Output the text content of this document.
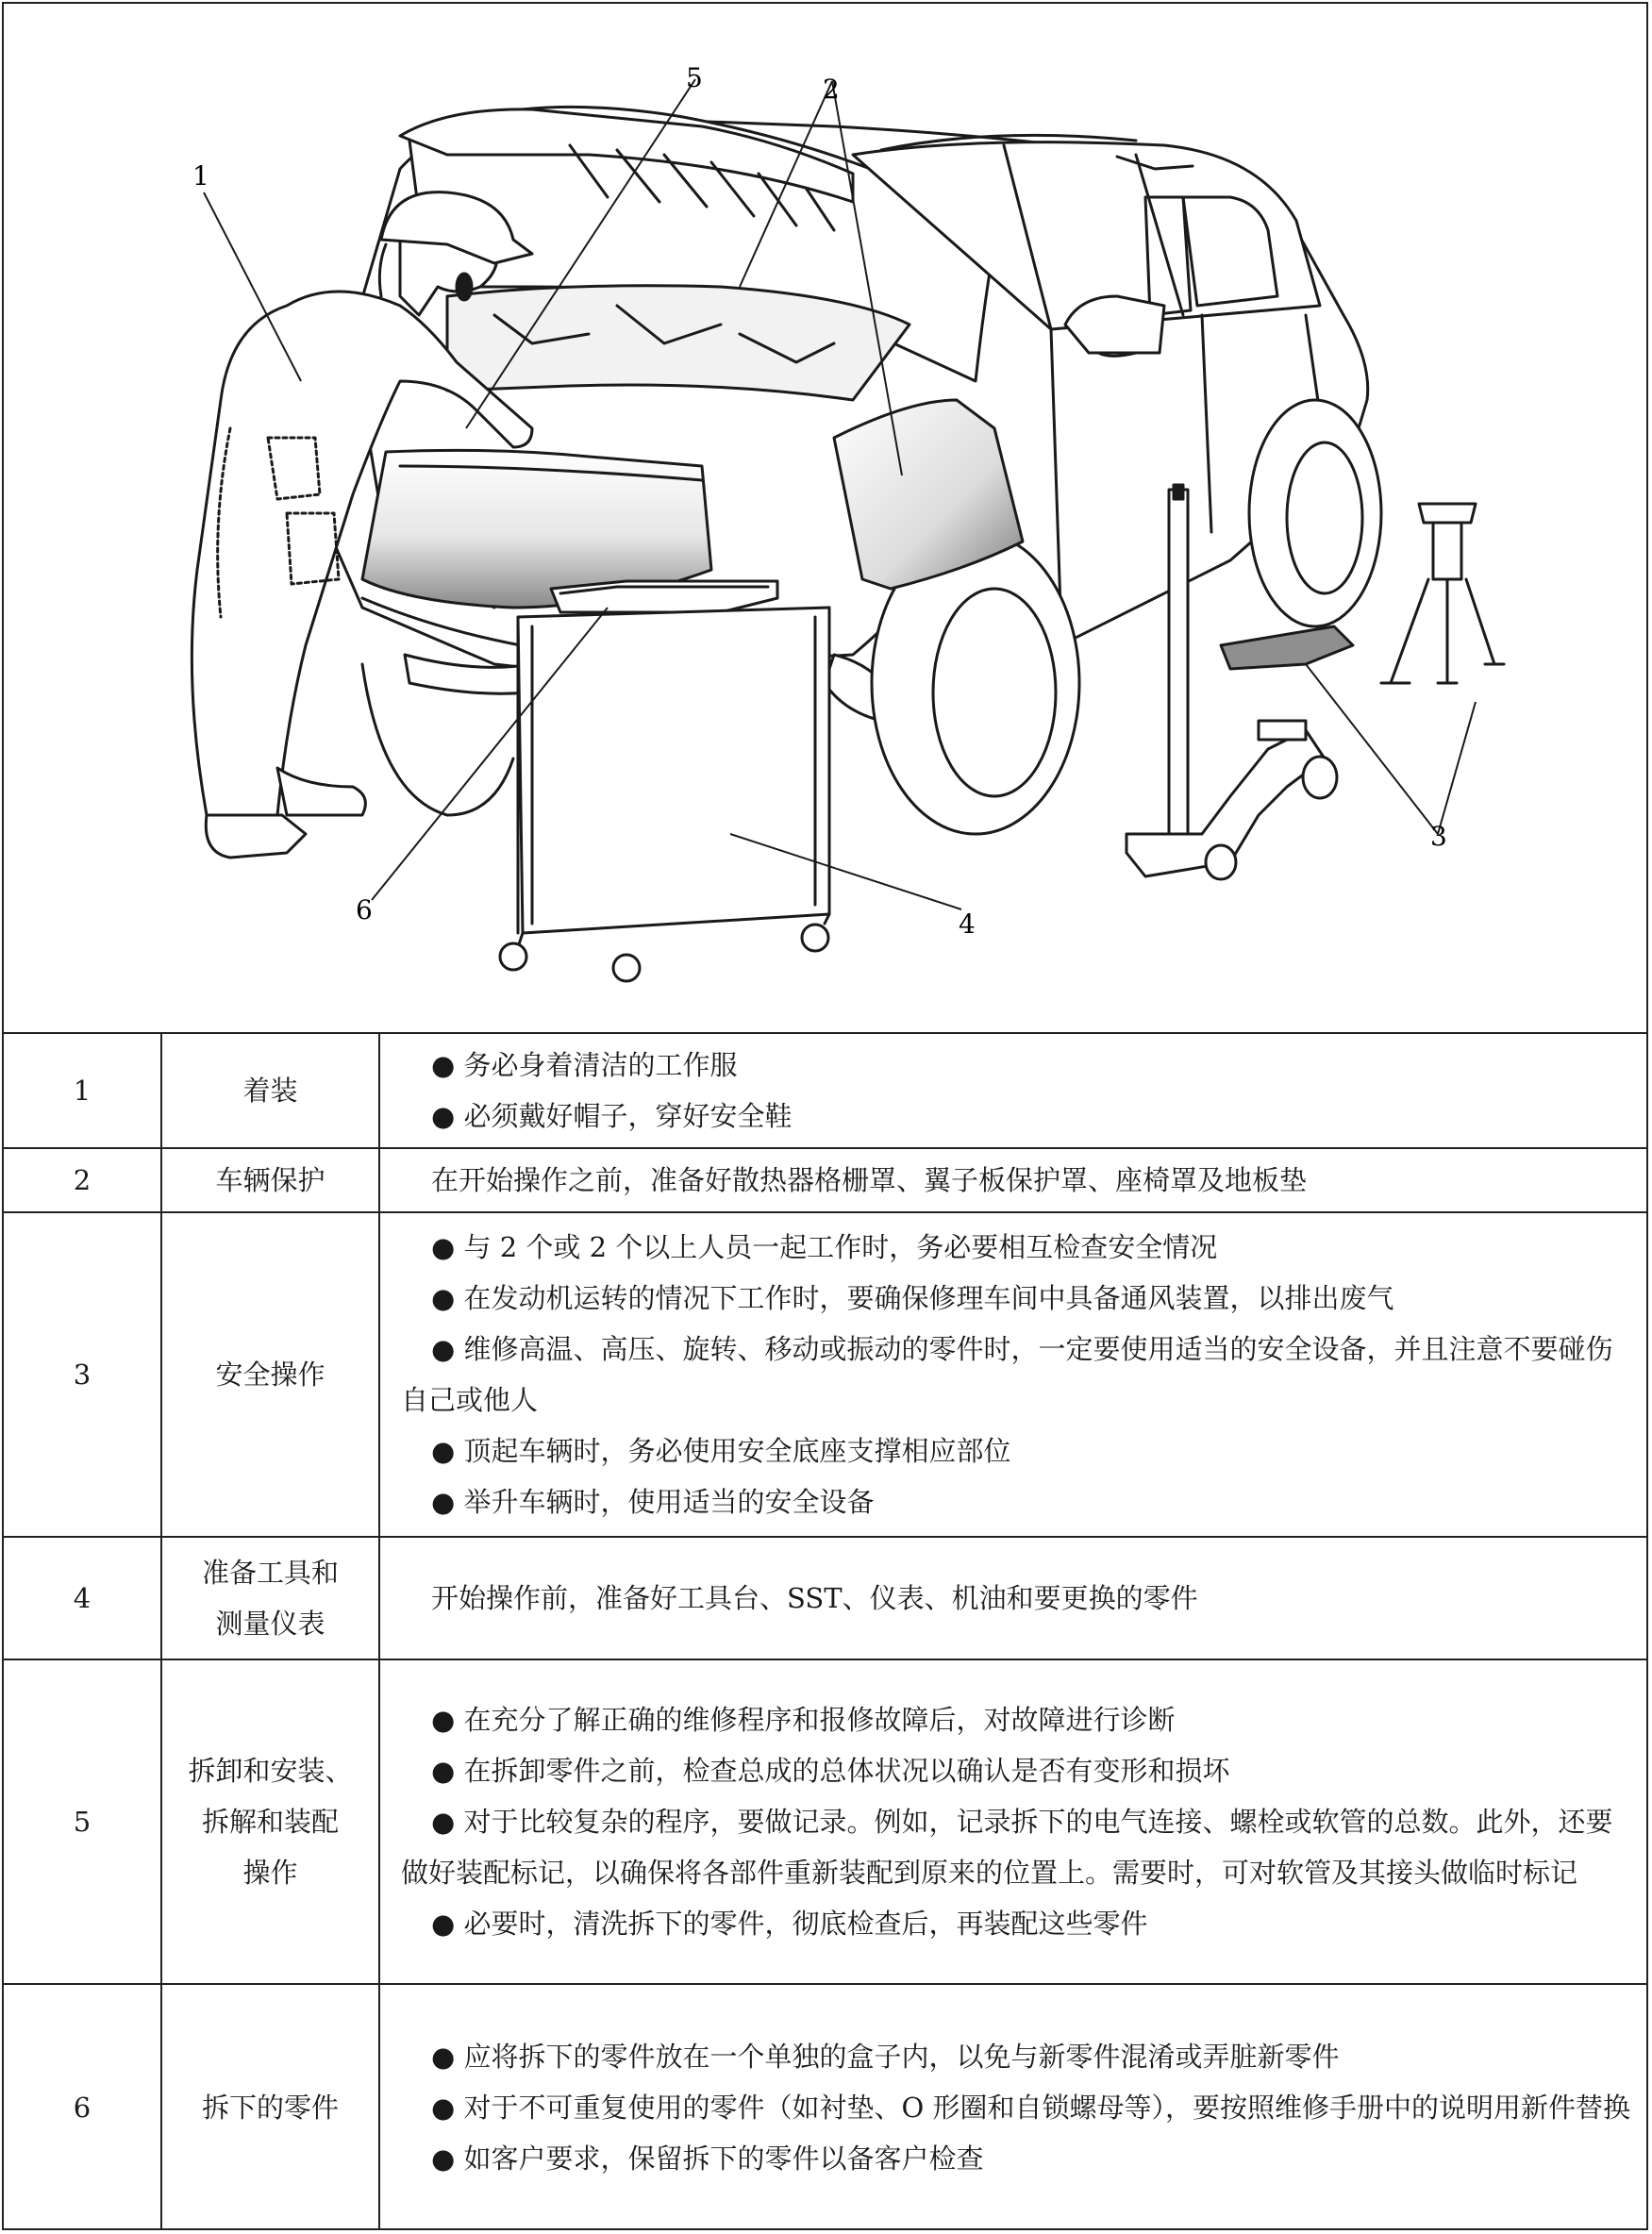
1
2
3
4
5
6
1	着装	● 务必身着清洁的工作服
● 必须戴好帽子，穿好安全鞋

2	车辆保护	在开始操作之前，准备好散热器格栅罩、翼子板保护罩、座椅罩及地板垫

3	安全操作	● 与 2 个或 2 个以上人员一起工作时，务必要相互检查安全情况
● 在发动机运转的情况下工作时，要确保修理车间中具备通风装置，以排出废气
● 维修高温、高压、旋转、移动或振动的零件时，一定要使用适当的安全设备，并且注意不要碰伤自己或他人
● 顶起车辆时，务必使用安全底座支撑相应部位
● 举升车辆时，使用适当的安全设备

4	准备工具和
测量仪表	开始操作前，准备好工具台、SST、仪表、机油和要更换的零件

5	拆卸和安装、
拆解和装配
操作	● 在充分了解正确的维修程序和报修故障后，对故障进行诊断
● 在拆卸零件之前，检查总成的总体状况以确认是否有变形和损坏
● 对于比较复杂的程序，要做记录。例如，记录拆下的电气连接、螺栓或软管的总数。此外，还要做好装配标记，以确保将各部件重新装配到原来的位置上。需要时，可对软管及其接头做临时标记
● 必要时，清洗拆下的零件，彻底检查后，再装配这些零件

6	拆下的零件	● 应将拆下的零件放在一个单独的盒子内，以免与新零件混淆或弄脏新零件
● 对于不可重复使用的零件（如衬垫、O 形圈和自锁螺母等），要按照维修手册中的说明用新件替换
● 如客户要求，保留拆下的零件以备客户检查
